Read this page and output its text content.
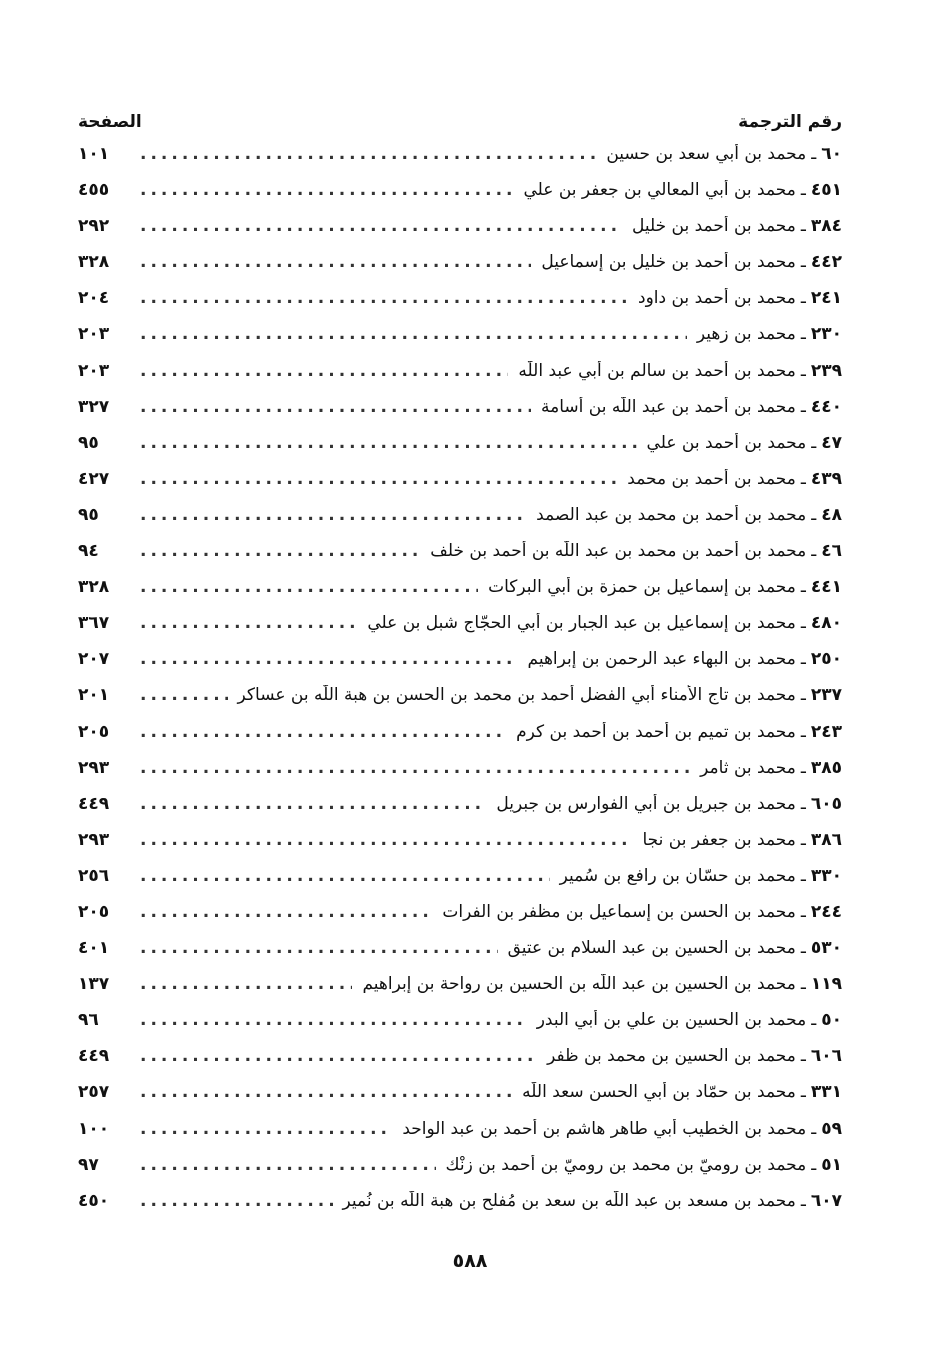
رقم الترجمة
الصفحة
٦٠
ـ
محمد بن أبي سعد بن حسين
.....
١٠١
٤٥١
ـ
محمد بن أبي المعالي بن جعفر بن علي
.....
٤٥٥
٣٨٤
ـ
محمد بن أحمد بن خليل
.....
٢٩٢
٤٤٢
ـ
محمد بن أحمد بن خليل بن إسماعيل
.....
٣٢٨
٢٤١
ـ
محمد بن أحمد بن داود
.....
٢٠٤
٢٣٠
ـ
محمد بن زهير
.....
٢٠٣
٢٣٩
ـ
محمد بن أحمد بن سالم بن أبي عبد اللّٰه
.....
٢٠٣
٤٤٠
ـ
محمد بن أحمد بن عبد اللّٰه بن أسامة
.....
٣٢٧
٤٧
ـ
محمد بن أحمد بن علي
.....
٩٥
٤٣٩
ـ
محمد بن أحمد بن محمد
.....
٤٢٧
٤٨
ـ
محمد بن أحمد بن محمد بن عبد الصمد
.....
٩٥
٤٦
ـ
محمد بن أحمد بن محمد بن عبد اللّٰه بن أحمد بن خلف
.....
٩٤
٤٤١
ـ
محمد بن إسماعيل بن حمزة بن أبي البركات
.....
٣٢٨
٤٨٠
ـ
محمد بن إسماعيل بن عبد الجبار بن أبي الحجّاج شبل بن علي
.....
٣٦٧
٢٥٠
ـ
محمد بن البهاء عبد الرحمن بن إبراهيم
.....
٢٠٧
٢٣٧
ـ
محمد بن تاج الأمناء أبي الفضل أحمد بن محمد بن الحسن بن هبة اللّٰه بن عساكر
.....
٢٠١
٢٤٣
ـ
محمد بن تميم بن أحمد بن أحمد بن كرم
.....
٢٠٥
٣٨٥
ـ
محمد بن ثامر
.....
٢٩٣
٦٠٥
ـ
محمد بن جبريل بن أبي الفوارس بن جبريل
.....
٤٤٩
٣٨٦
ـ
محمد بن جعفر بن نجا
.....
٢٩٣
٣٣٠
ـ
محمد بن حسّان بن رافع بن سُمير
.....
٢٥٦
٢٤٤
ـ
محمد بن الحسن بن إسماعيل بن مظفر بن الفرات
.....
٢٠٥
٥٣٠
ـ
محمد بن الحسين بن عبد السلام بن عتيق
.....
٤٠١
١١٩
ـ
محمد بن الحسين بن عبد اللّٰه بن الحسين بن رواحة بن إبراهيم
.....
١٣٧
٥٠
ـ
محمد بن الحسين بن علي بن أبي البدر
.....
٩٦
٦٠٦
ـ
محمد بن الحسين بن محمد بن ظفر
.....
٤٤٩
٣٣١
ـ
محمد بن حمّاد بن أبي الحسن سعد اللّٰه
.....
٢٥٧
٥٩
ـ
محمد بن الخطيب أبي طاهر هاشم بن أحمد بن عبد الواحد
.....
١٠٠
٥١
ـ
محمد بن روميّ بن محمد بن روميّ بن أحمد بن زنْك
.....
٩٧
٦٠٧
ـ
محمد بن مسعد بن عبد اللّٰه بن سعد بن مُفلح بن هبة اللّٰه بن نُمير
.....
٤٥٠
٥٨٨
